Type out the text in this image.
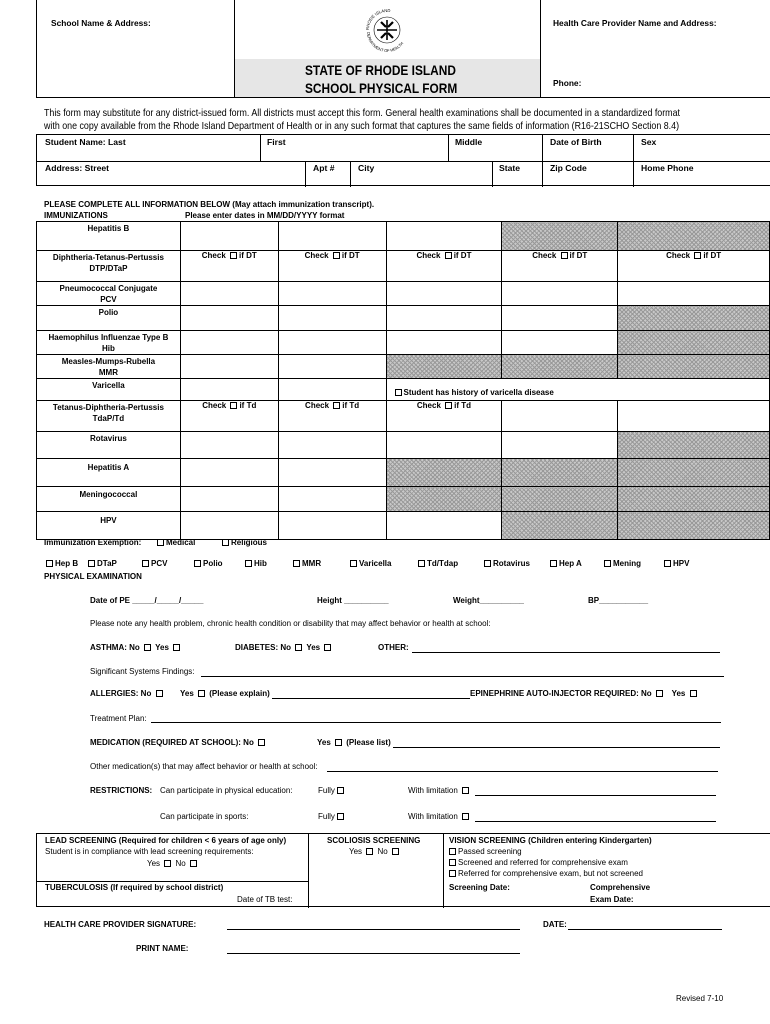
School Name & Address:	Health Care Provider Name and Address:
Phone:
STATE OF RHODE ISLAND
SCHOOL PHYSICAL FORM
RHODE ISLAND
DEPARTMENT OF HEALTH
This form may substitute for any district-issued form. All districts must accept this form. General health examinations shall be documented in a standardized format
with one copy available from the Rhode Island Department of Health or in any such format that captures the same fields of information (R16-21SCHO Section 8.4)
Student Name: Last	First	Middle	Date of Birth	Sex
Address: Street	Apt #	City	State	Zip Code	Home Phone
PLEASE COMPLETE ALL INFORMATION BELOW (May attach immunization transcript).
IMMUNIZATIONS	Please enter dates in MM/DD/YYYY format
Hepatitis B					

Diphtheria-Tetanus-Pertussis
DTP/DTaP	Check if DT	Check if DT	Check if DT	Check if DT	Check if DT

Pneumococcal Conjugate
PCV					

Polio					

Haemophilus Influenzae Type B
Hib					

Measles-Mumps-Rubella
MMR					

Varicella			Student has history of varicella disease		

Tetanus-Diphtheria-Pertussis
TdaP/Td	Check if Td	Check if Td	Check if Td		
Rotavirus					
Hepatitis A					
Meningococcal					
HPV					
Immunization Exemption:	Medical	Religious
Hep B	DTaP	PCV	Polio	Hib	MMR	Varicella	Td/Tdap	Rotavirus	Hep A	Mening	HPV
PHYSICAL EXAMINATION
Date of PE _____/_____/_____	Height __________	Weight__________	BP___________
Please note any health problem, chronic health condition or disability that may affect behavior or health at school:
ASTHMA: No Yes	DIABETES: No Yes	OTHER:
Significant Systems Findings:
ALLERGIES: No	Yes (Please explain)	EPINEPHRINE AUTO-INJECTOR REQUIRED: No Yes
Treatment Plan:
MEDICATION (REQUIRED AT SCHOOL): No	Yes (Please list)
Other medication(s) that may affect behavior or health at school:
RESTRICTIONS: Can participate in physical education:	Fully	With limitation
Can participate in sports:	Fully	With limitation
LEAD SCREENING (Required for children < 6 years of age only)
Student is in compliance with lead screening requirements:
Yes No
TUBERCULOSIS (If required by school district)
Date of TB test:
SCOLIOSIS SCREENING
Yes No
VISION SCREENING (Children entering Kindergarten)
Passed screening
Screened and referred for comprehensive exam
Referred for comprehensive exam, but not screened
Screening Date:	Comprehensive
Exam Date:
HEALTH CARE PROVIDER SIGNATURE:	DATE:
PRINT NAME:
Revised 7-10
